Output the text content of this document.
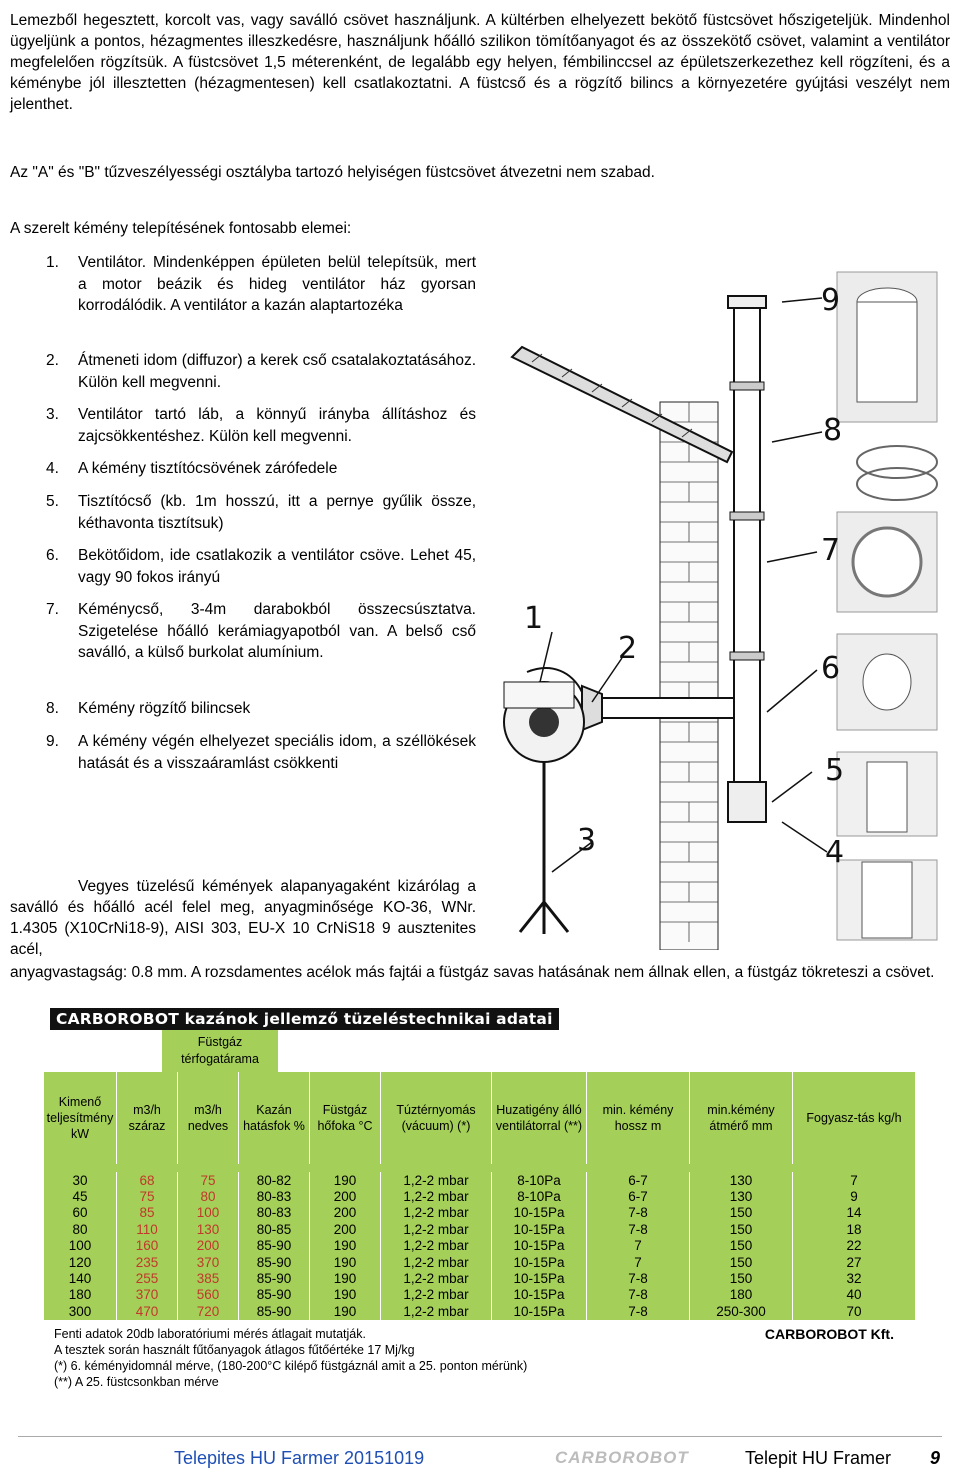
Lemezből hegesztett, korcolt vas, vagy saválló csövet használjunk. A kültérben elhelyezett bekötő füstcsövet hőszigeteljük. Mindenhol ügyeljünk a pontos, hézagmentes illeszkedésre, használjunk hőálló szilikon tömítőanyagot és az összekötő csövet, valamint a ventilátor megfelelően rögzítsük. A füstcsövet 1,5 méterenként, de legalább egy helyen, fémbilinccsel az épületszerkezethez kell rögzíteni, és a kéménybe jól illesztetten (hézagmentesen) kell csatlakoztatni. A füstcső és a rögzítő bilincs a környezetére gyújtási veszélyt nem jelenthet.

Az "A" és "B" tűzveszélyességi osztályba tartozó helyiségen füstcsövet átvezetni nem szabad.

A szerelt kémény telepítésének fontosabb elemei:

1. Ventilátor. Mindenképpen épületen belül telepítsük, mert a motor beázik és hideg ventilátor ház gyorsan korrodálódik. A ventilátor a kazán alaptartozéka
2. Átmeneti idom (diffuzor) a kerek cső csatalakoztatásához. Külön kell megvenni.
3. Ventilátor tartó láb, a könnyű irányba állításhoz és zajcsökkentéshez. Külön kell megvenni.
4. A kémény tisztítócsövének zárófedele
5. Tisztítócső (kb. 1m hosszú, itt a pernye gyűlik össze, kéthavonta tisztítsuk)
6. Bekötőidom, ide csatlakozik a ventilátor csöve. Lehet 45, vagy 90 fokos irányú
7. Kéménycső, 3-4m darabokból összecsúsztatva. Szigetelése hőálló kerámiagyapotból van. A belső cső saválló, a külső burkolat alumínium.
8. Kémény rögzítő bilincsek
9. A kémény végén elhelyezet speciális idom, a széllökések hatását és a visszaáramlást csökkenti
1
2
3	4
5
6
7
8
9

Vegyes tüzelésű kémények alapanyagaként kizárólag a saválló és hőálló acél felel meg, anyagminősége KO-36, WNr. 1.4305 (X10CrNi18-9), AISI 303, EU-X 10 CrNiS18 9 ausztenites acél,

anyagvastagság: 0.8 mm. A rozsdamentes acélok más fajtái a füstgáz savas hatásának nem állnak ellen, a füstgáz tökreteszi a csövet.

CARBOROBOT kazánok jellemző tüzeléstechnikai adatai
Füstgáz térfogatárama
Kimenő teljesítmény kW	m3/h száraz	m3/h nedves	Kazán hatásfok %	Füstgáz hőfoka °C	Túztérnyomás (vácuum) (*)	Huzatigény álló ventilátorral (**)	min. kémény hossz m	min.kémény átmérő mm	Fogyasz-tás kg/h

30	68	75	80-82	190	1,2-2 mbar	8-10Pa	6-7	130	7
45	75	80	80-83	200	1,2-2 mbar	8-10Pa	6-7	130	9
60	85	100	80-83	200	1,2-2 mbar	10-15Pa	7-8	150	14
80	110	130	80-85	200	1,2-2 mbar	10-15Pa	7-8	150	18
100	160	200	85-90	190	1,2-2 mbar	10-15Pa	7	150	22
120	235	370	85-90	190	1,2-2 mbar	10-15Pa	7	150	27
140	255	385	85-90	190	1,2-2 mbar	10-15Pa	7-8	150	32
180	370	560	85-90	190	1,2-2 mbar	10-15Pa	7-8	180	40
300	470	720	85-90	190	1,2-2 mbar	10-15Pa	7-8	250-300	70
Fenti adatok 20db laboratóriumi mérés átlagait mutatják.
A tesztek során használt fűtőanyagok átlagos fűtőértéke 17 Mj/kg
(*) 6. kéményidomnál mérve, (180-200°C kilépő füstgáznál amit a 25. ponton mérünk)
(**) A 25. füstcsonkban mérve
CARBOROBOT Kft.
Telepites HU Farmer 20151019	CARBOROBOT	Telepit HU Framer 9
